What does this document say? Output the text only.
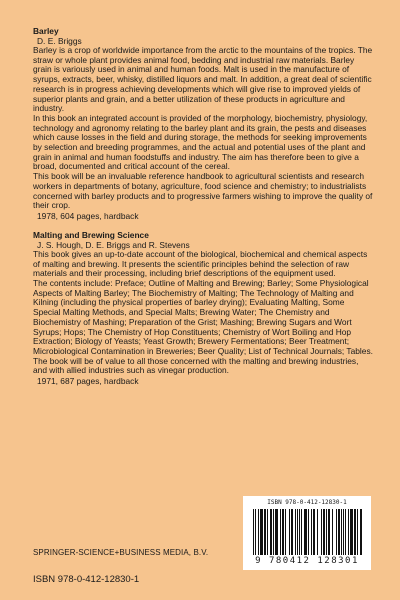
Barley
D. E. Briggs
Barley is a crop of worldwide importance from the arctic to the mountains of the tropics. The straw or whole plant provides animal food, bedding and industrial raw materials. Barley grain is variously used in animal and human foods. Malt is used in the manufacture of syrups, extracts, beer, whisky, distilled liquors and malt. In addition, a great deal of scientific research is in progress achieving developments which will give rise to improved yields of superior plants and grain, and a better utilization of these products in agriculture and industry.
In this book an integrated account is provided of the morphology, biochemistry, physiology, technology and agronomy relating to the barley plant and its grain, the pests and diseases which cause losses in the field and during storage, the methods for seeking improvements by selection and breeding programmes, and the actual and potential uses of the plant and grain in animal and human foodstuffs and industry. The aim has therefore been to give a broad, documented and critical account of the cereal.
This book will be an invaluable reference handbook to agricultural scientists and research workers in departments of botany, agriculture, food science and chemistry; to industrialists concerned with barley products and to progressive farmers wishing to improve the quality of their crop.
1978, 604 pages, hardback
Malting and Brewing Science
J. S. Hough, D. E. Briggs and R. Stevens
This book gives an up-to-date account of the biological, biochemical and chemical aspects of malting and brewing. It presents the scientific principles behind the selection of raw materials and their processing, including brief descriptions of the equipment used.
The contents include: Preface; Outline of Malting and Brewing; Barley; Some Physiological Aspects of Malting Barley; The Biochemistry of Malting; The Technology of Malting and Kilning (including the physical properties of barley drying); Evaluating Malting, Some Special Malting Methods, and Special Malts; Brewing Water; The Chemistry and Biochemistry of Mashing; Preparation of the Grist; Mashing; Brewing Sugars and Wort Syrups; Hops; The Chemistry of Hop Constituents; Chemistry of Wort Boiling and Hop Extraction; Biology of Yeasts; Yeast Growth; Brewery Fermentations; Beer Treatment; Microbiological Contamination in Breweries; Beer Quality; List of Technical Journals; Tables.
The book will be of value to all those concerned with the malting and brewing industries, and with allied industries such as vinegar production.
1971, 687 pages, hardback
SPRINGER-SCIENCE+BUSINESS MEDIA, B.V.
ISBN 978-0-412-12830-1
ISBN 978-0-412-12830-1
9 780412 128301
